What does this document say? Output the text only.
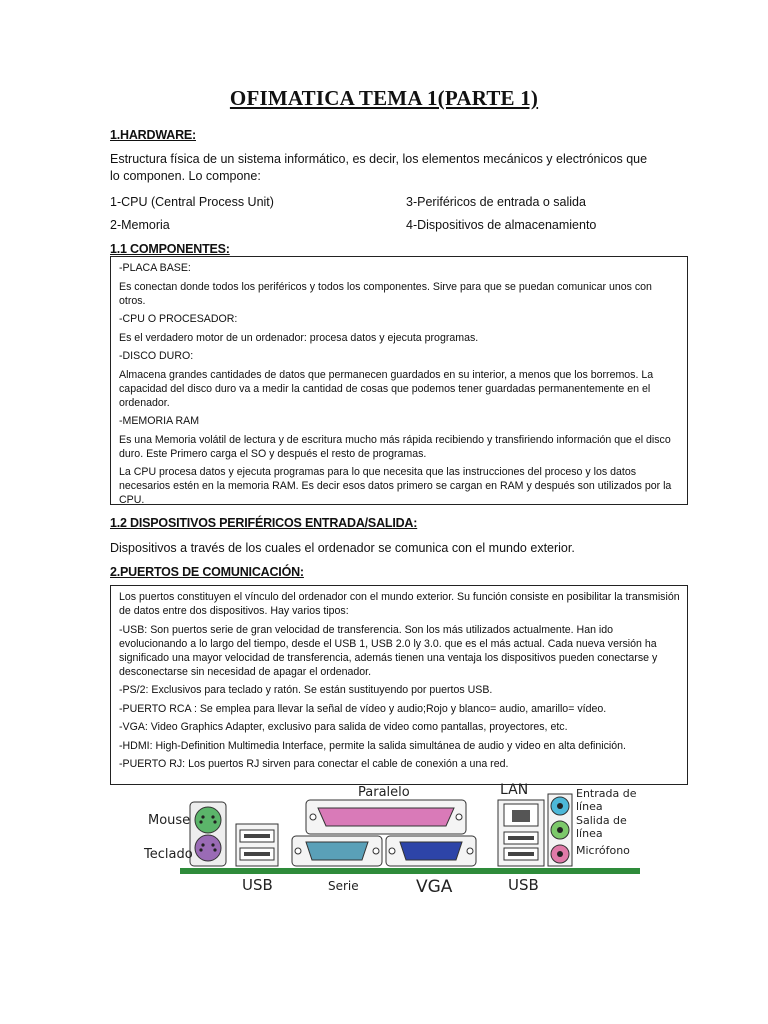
OFIMATICA TEMA 1(PARTE 1)
1.HARDWARE:
Estructura física de un sistema informático, es decir, los elementos mecánicos y electrónicos que lo componen. Lo compone:
1-CPU (Central Process Unit)	3-Periféricos de entrada o salida
2-Memoria	4-Dispositivos de almacenamiento
1.1 COMPONENTES:

-PLACA BASE:

Es conectan donde todos los periféricos y todos los componentes. Sirve para que se puedan comunicar unos con otros.

-CPU O PROCESADOR:

Es el verdadero motor de un ordenador: procesa datos y ejecuta programas.

-DISCO DURO:

Almacena grandes cantidades de datos que permanecen guardados en su interior, a menos que los borremos. La capacidad del disco duro va a medir la cantidad de cosas que podemos tener guardadas permanentemente en el ordenador.

-MEMORIA RAM

Es una Memoria volátil de lectura y de escritura mucho más rápida recibiendo y transfiriendo información que el disco duro. Este Primero carga el SO y después el resto de programas.

La CPU procesa datos y ejecuta programas para lo que necesita que las instrucciones del proceso y los datos necesarios estén en la memoria RAM. Es decir esos datos primero se cargan en RAM y después son utilizados por la CPU.

1.2 DISPOSITIVOS PERIFÉRICOS ENTRADA/SALIDA:
Dispositivos a través de los cuales el ordenador se comunica con el mundo exterior.
2.PUERTOS DE COMUNICACIÓN:

Los puertos constituyen el vínculo del ordenador con el mundo exterior. Su función consiste en posibilitar la transmisión de datos entre dos dispositivos. Hay varios tipos:

-USB: Son puertos serie de gran velocidad de transferencia. Son los más utilizados actualmente. Han ido evolucionando a lo largo del tiempo, desde el USB 1, USB 2.0 ly 3.0. que es el más actual. Cada nueva versión ha significado una mayor velocidad de transferencia, además tienen una ventaja los dispositivos pueden conectarse y desconectarse sin necesidad de apagar el ordenador.

-PS/2: Exclusivos para teclado y ratón. Se están sustituyendo por puertos USB.

-PUERTO RCA : Se emplea para llevar la señal de vídeo y audio;Rojo y blanco= audio, amarillo= vídeo.

-VGA: Video Graphics Adapter, exclusivo para salida de video como pantallas, proyectores, etc.

-HDMI: High-Definition Multimedia Interface, permite la salida simultánea de audio y video en alta definición.

-PUERTO RJ: Los puertos RJ sirven para conectar el cable de conexión a una red.

Mouse
Teclado
USB
Paralelo
Serie	VGA
LAN
USB
Entrada de
línea
Salida de
línea
Micrófono
